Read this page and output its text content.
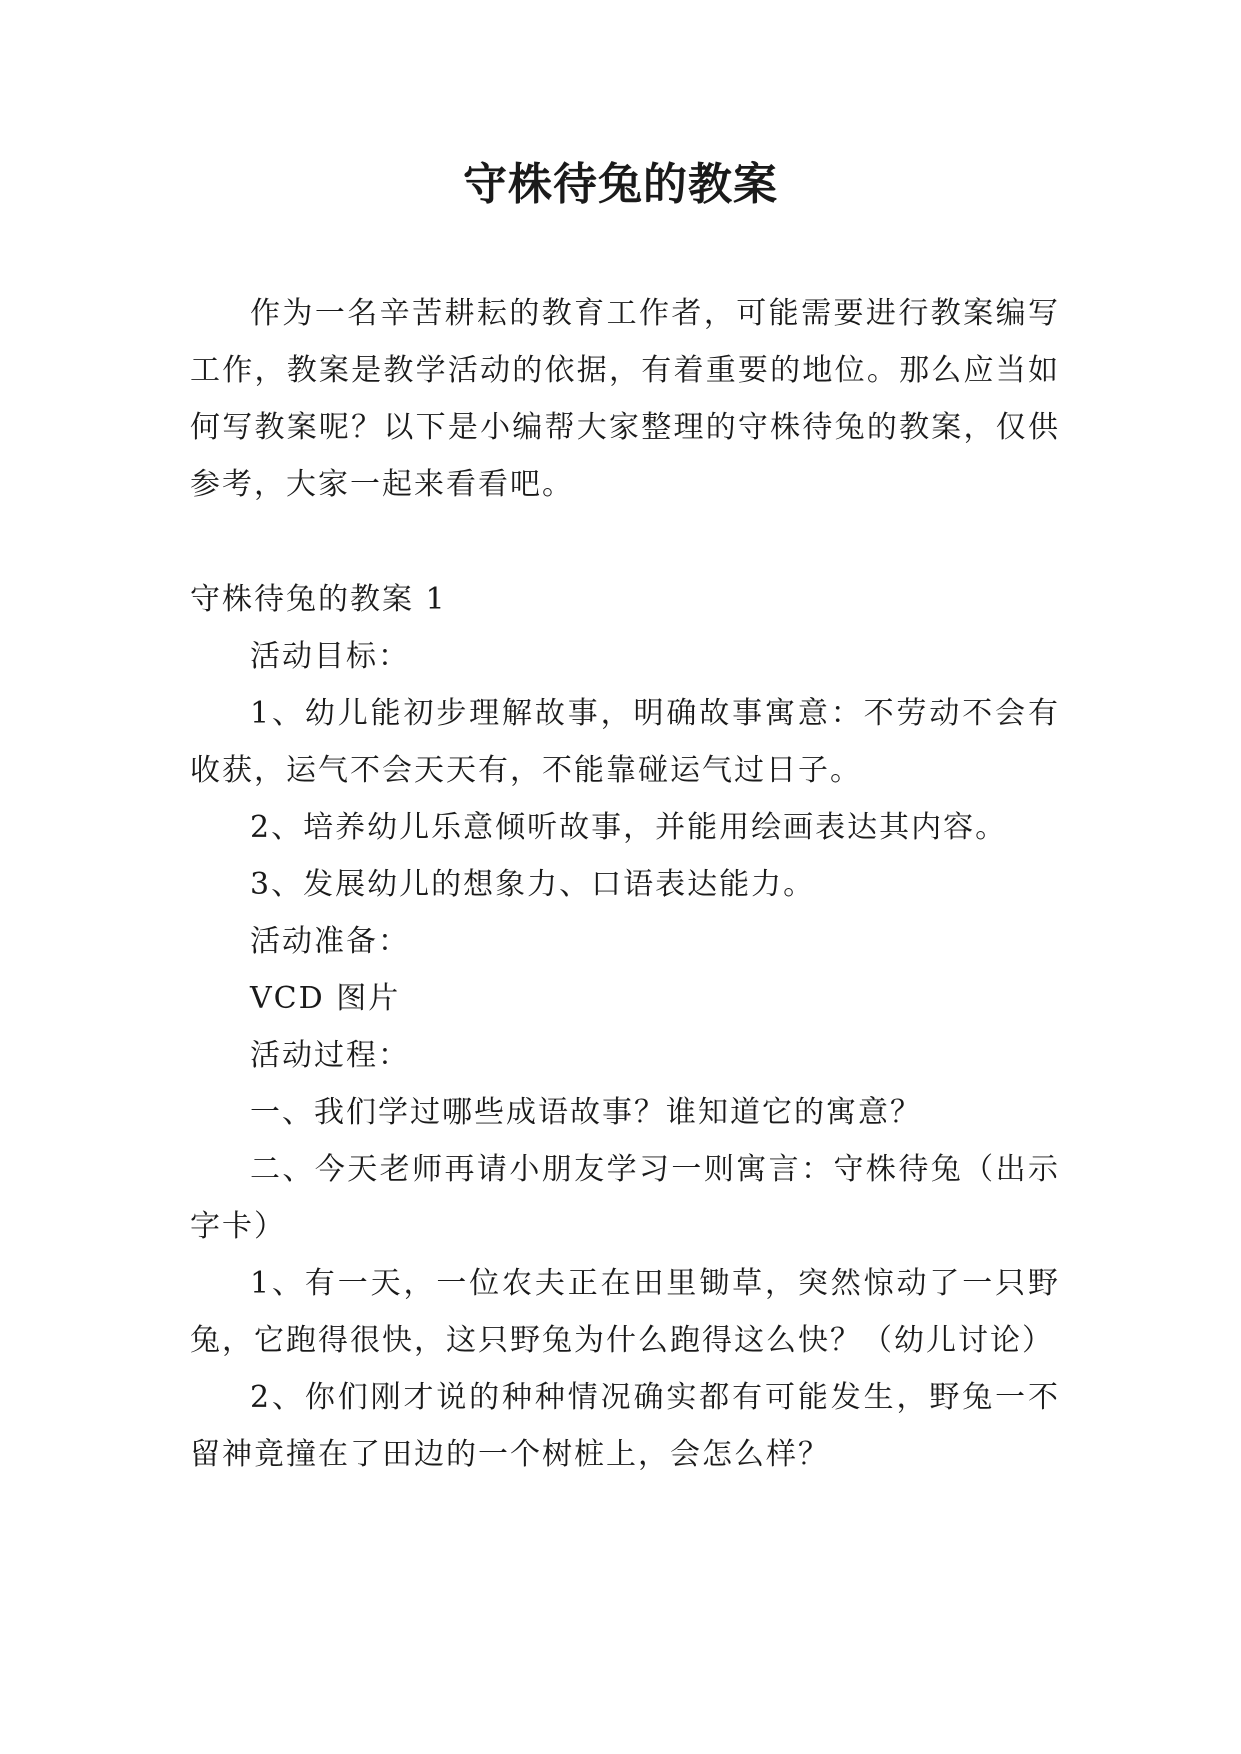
守株待兔的教案

作为一名辛苦耕耘的教育工作者，可能需要进行教案编写工作，教案是教学活动的依据，有着重要的地位。那么应当如何写教案呢？以下是小编帮大家整理的守株待兔的教案，仅供参考，大家一起来看看吧。

守株待兔的教案 1

活动目标：

1、幼儿能初步理解故事，明确故事寓意：不劳动不会有收获，运气不会天天有，不能靠碰运气过日子。

2、培养幼儿乐意倾听故事，并能用绘画表达其内容。

3、发展幼儿的想象力、口语表达能力。

活动准备：

VCD 图片

活动过程：

一、我们学过哪些成语故事？谁知道它的寓意？

二、今天老师再请小朋友学习一则寓言：守株待兔（出示字卡）

1、有一天，一位农夫正在田里锄草，突然惊动了一只野兔，它跑得很快，这只野兔为什么跑得这么快？（幼儿讨论）

2、你们刚才说的种种情况确实都有可能发生，野兔一不留神竟撞在了田边的一个树桩上，会怎么样？
